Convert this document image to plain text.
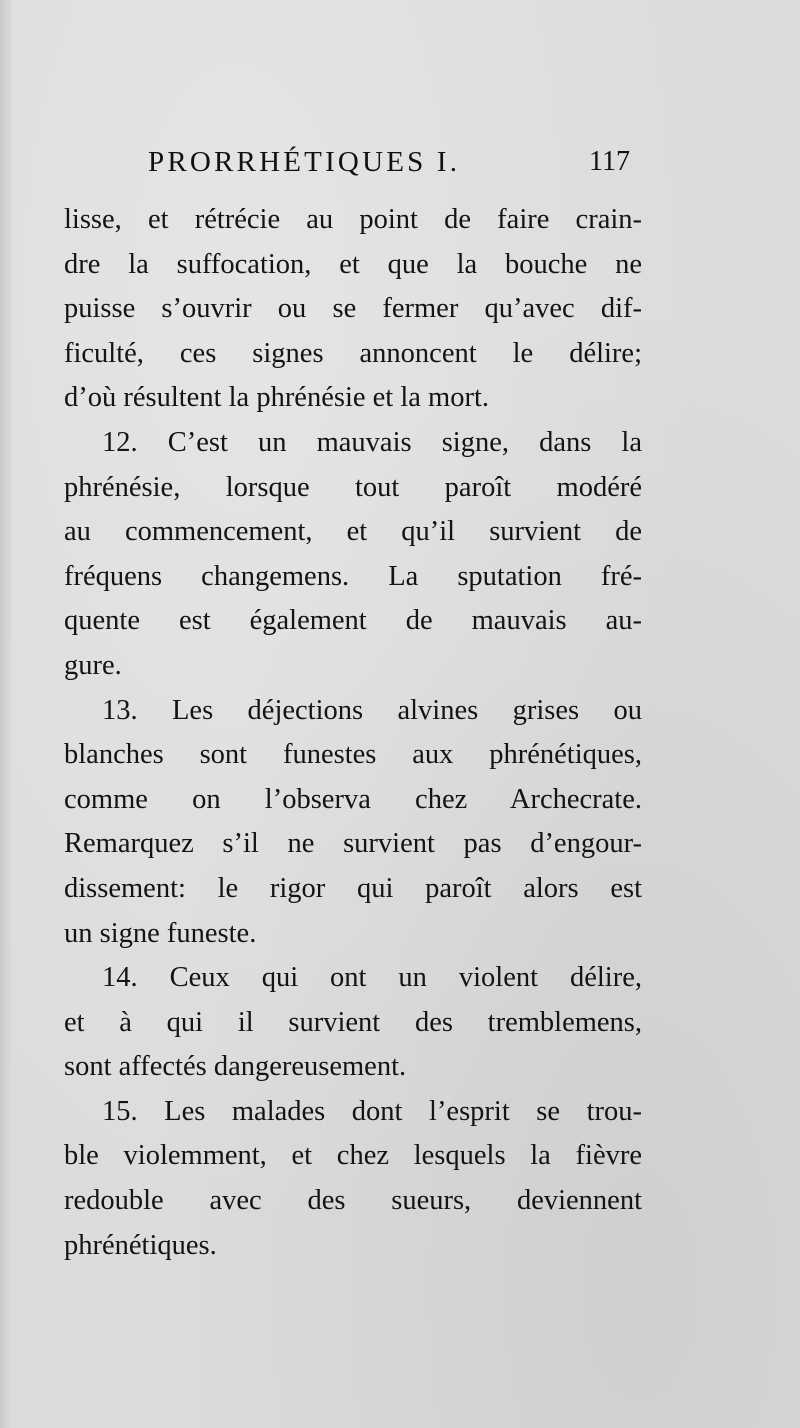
PRORRHÉTIQUES I.	117
lisse, et rétrécie au point de faire crain-
dre la suffocation, et que la bouche ne
puisse s’ouvrir ou se fermer qu’avec dif-
ficulté, ces signes annoncent le délire;
d’où résultent la phrénésie et la mort.
12. C’est un mauvais signe, dans la
phrénésie, lorsque tout paroît modéré
au commencement, et qu’il survient de
fréquens changemens. La sputation fré-
quente est également de mauvais au-
gure.
13. Les déjections alvines grises ou
blanches sont funestes aux phrénétiques,
comme on l’observa chez Archecrate.
Remarquez s’il ne survient pas d’engour-
dissement: le rigor qui paroît alors est
un signe funeste.
14. Ceux qui ont un violent délire,
et à qui il survient des tremblemens,
sont affectés dangereusement.
15. Les malades dont l’esprit se trou-
ble violemment, et chez lesquels la fièvre
redouble avec des sueurs, deviennent
phrénétiques.
